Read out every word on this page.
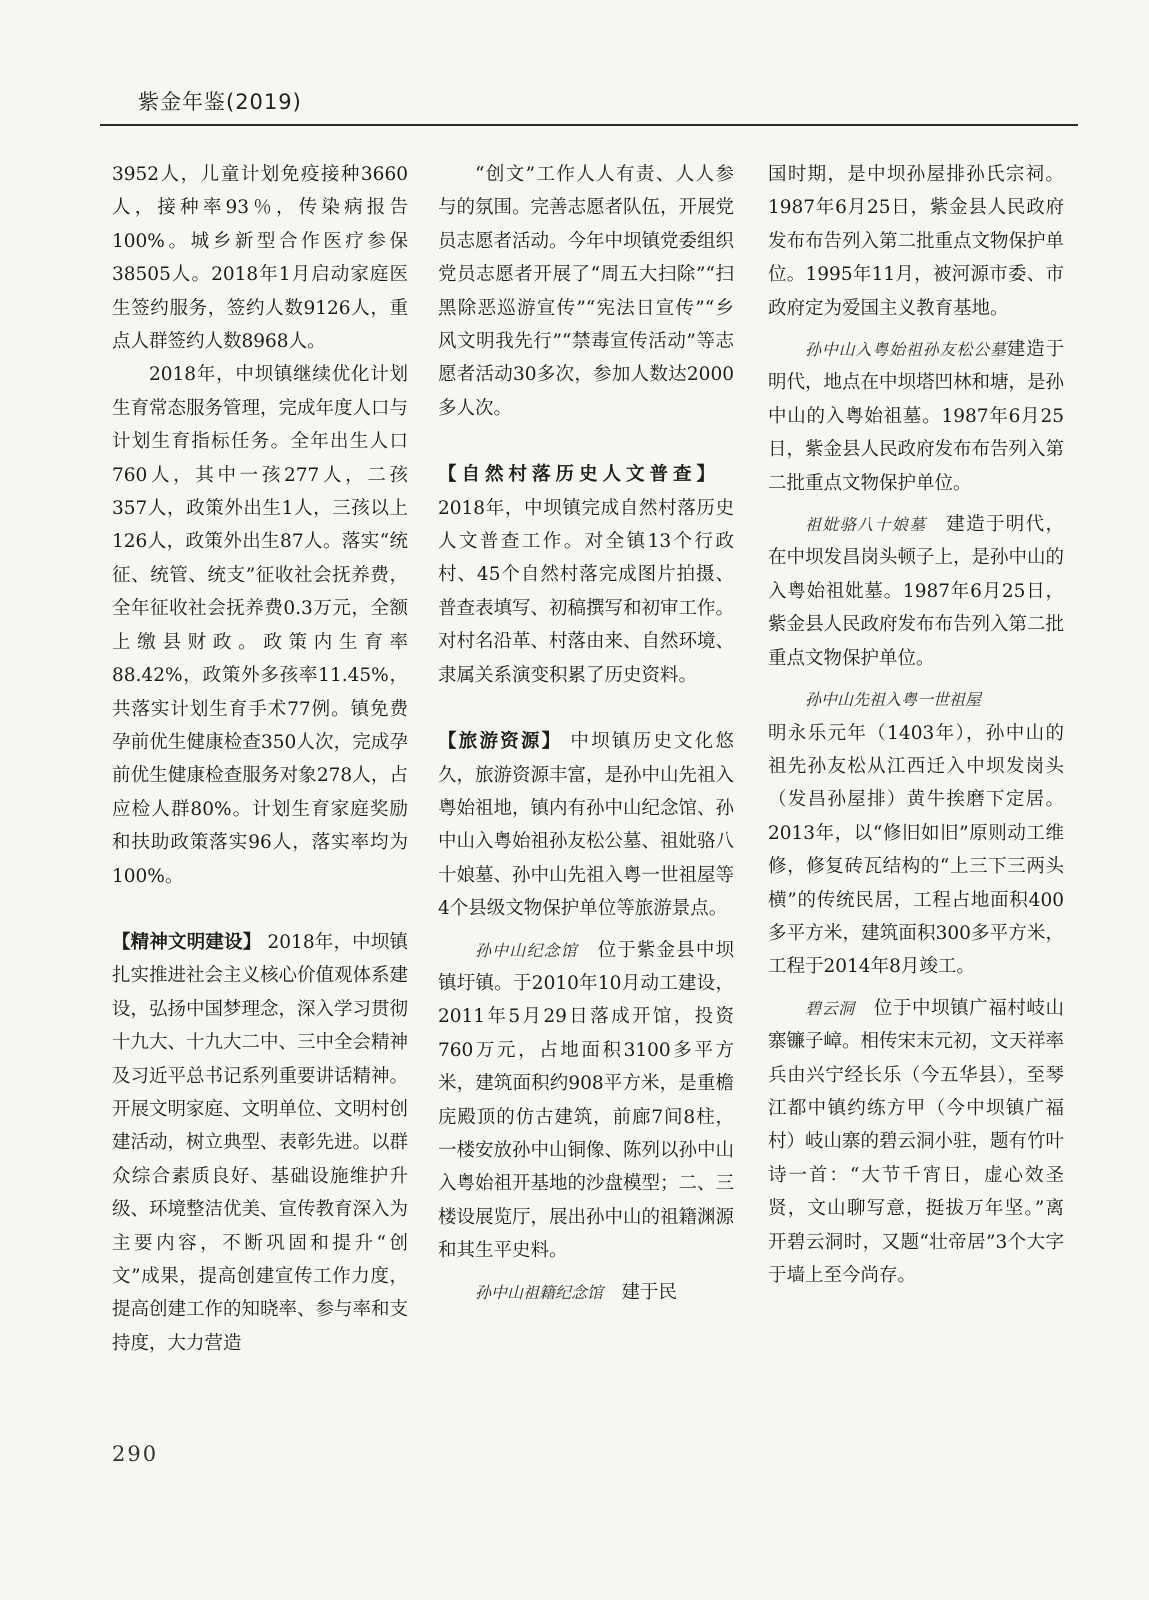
紫金年鉴(2019)

3952人，儿童计划免疫接种3660人，接种率93％，传染病报告100%。城乡新型合作医疗参保38505人。2018年1月启动家庭医生签约服务，签约人数9126人，重点人群签约人数8968人。

2018年，中坝镇继续优化计划生育常态服务管理，完成年度人口与计划生育指标任务。全年出生人口760人，其中一孩277人，二孩 357人，政策外出生1人，三孩以上126人，政策外出生87人。落实“统征、统管、统支”征收社会抚养费，全年征收社会抚养费0.3万元，全额上缴县财政。政策内生育率88.42%，政策外多孩率11.45%，共落实计划生育手术77例。镇免费孕前优生健康检查350人次，完成孕前优生健康检查服务对象278人，占应检人群80%。计划生育家庭奖励和扶助政策落实96人，落实率均为100%。

【精神文明建设】 2018年，中坝镇扎实推进社会主义核心价值观体系建设，弘扬中国梦理念，深入学习贯彻十九大、十九大二中、三中全会精神及习近平总书记系列重要讲话精神。开展文明家庭、文明单位、文明村创建活动，树立典型、表彰先进。以群众综合素质良好、基础设施维护升级、环境整洁优美、宣传教育深入为主要内容，不断巩固和提升“创文”成果，提高创建宣传工作力度，提高创建工作的知晓率、参与率和支持度，大力营造

“创文”工作人人有责、人人参与的氛围。完善志愿者队伍，开展党员志愿者活动。今年中坝镇党委组织党员志愿者开展了“周五大扫除”“扫黑除恶巡游宣传”“宪法日宣传”“乡风文明我先行”“禁毒宣传活动”等志愿者活动30多次，参加人数达2000多人次。

【自然村落历史人文普查】

2018年，中坝镇完成自然村落历史人文普查工作。对全镇13个行政村、45个自然村落完成图片拍摄、普查表填写、初稿撰写和初审工作。对村名沿革、村落由来、自然环境、隶属关系演变积累了历史资料。

【旅游资源】 中坝镇历史文化悠久，旅游资源丰富，是孙中山先祖入粤始祖地，镇内有孙中山纪念馆、孙中山入粤始祖孙友松公墓、祖妣骆八十娘墓、孙中山先祖入粤一世祖屋等4个县级文物保护单位等旅游景点。

孙中山纪念馆　位于紫金县中坝镇圩镇。于2010年10月动工建设，2011年5月29日落成开馆，投资760万元，占地面积3100多平方米，建筑面积约908平方米，是重檐庑殿顶的仿古建筑，前廊7间8柱，一楼安放孙中山铜像、陈列以孙中山入粤始祖开基地的沙盘模型；二、三楼设展览厅，展出孙中山的祖籍渊源和其生平史料。

孙中山祖籍纪念馆　建于民

国时期，是中坝孙屋排孙氏宗祠。1987年6月25日，紫金县人民政府发布布告列入第二批重点文物保护单位。1995年11月，被河源市委、市政府定为爱国主义教育基地。

孙中山入粤始祖孙友松公墓建造于明代，地点在中坝塔凹林和塘，是孙中山的入粤始祖墓。1987年6月25日，紫金县人民政府发布布告列入第二批重点文物保护单位。

祖妣骆八十娘墓　建造于明代，在中坝发昌岗头顿子上，是孙中山的入粤始祖妣墓。1987年6月25日，紫金县人民政府发布布告列入第二批重点文物保护单位。

孙中山先祖入粤一世祖屋

明永乐元年（1403年），孙中山的祖先孙友松从江西迁入中坝发岗头（发昌孙屋排）黄牛挨磨下定居。2013年，以“修旧如旧”原则动工维修，修复砖瓦结构的“上三下三两头横”的传统民居，工程占地面积400多平方米，建筑面积300多平方米，工程于2014年8月竣工。

碧云洞　位于中坝镇广福村岐山寨镰子嶂。相传宋末元初，文天祥率兵由兴宁经长乐（今五华县），至琴江都中镇约练方甲（今中坝镇广福村）岐山寨的碧云洞小驻，题有竹叶诗一首：“大节千宵日，虚心效圣贤，文山聊写意，挺拔万年坚。”离开碧云洞时，又题“壮帝居”3个大字于墙上至今尚存。

290
